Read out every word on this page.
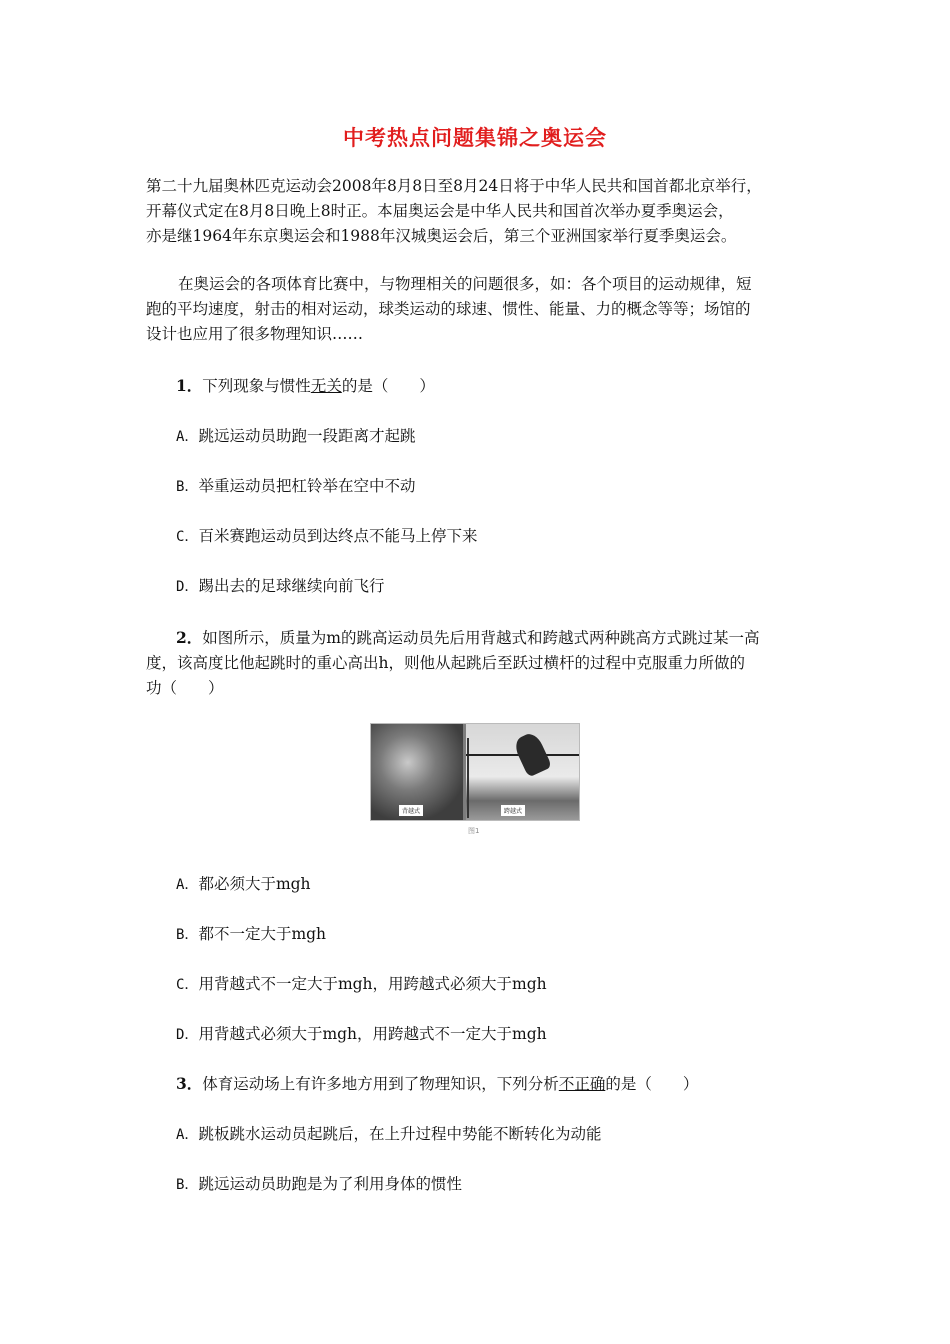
中考热点问题集锦之奥运会
第二十九届奥林匹克运动会2008年8月8日至8月24日将于中华人民共和国首都北京举行，
开幕仪式定在8月8日晚上8时正。本届奥运会是中华人民共和国首次举办夏季奥运会，
亦是继1964年东京奥运会和1988年汉城奥运会后，第三个亚洲国家举行夏季奥运会。
在奥运会的各项体育比赛中，与物理相关的问题很多，如：各个项目的运动规律，短
跑的平均速度，射击的相对运动，球类运动的球速、惯性、能量、力的概念等等；场馆的
设计也应用了很多物理知识……
1．下列现象与惯性无关的是（　　）
A．跳远运动员助跑一段距离才起跳
B．举重运动员把杠铃举在空中不动
C．百米赛跑运动员到达终点不能马上停下来
D．踢出去的足球继续向前飞行
2．如图所示，质量为m的跳高运动员先后用背越式和跨越式两种跳高方式跳过某一高
度，该高度比他起跳时的重心高出h，则他从起跳后至跃过横杆的过程中克服重力所做的
功（　　）
背越式	跨越式
图1
A．都必须大于mgh
B．都不一定大于mgh
C．用背越式不一定大于mgh，用跨越式必须大于mgh
D．用背越式必须大于mgh，用跨越式不一定大于mgh
3．体育运动场上有许多地方用到了物理知识，下列分析不正确的是（　　）
A．跳板跳水运动员起跳后，在上升过程中势能不断转化为动能
B．跳远运动员助跑是为了利用身体的惯性
